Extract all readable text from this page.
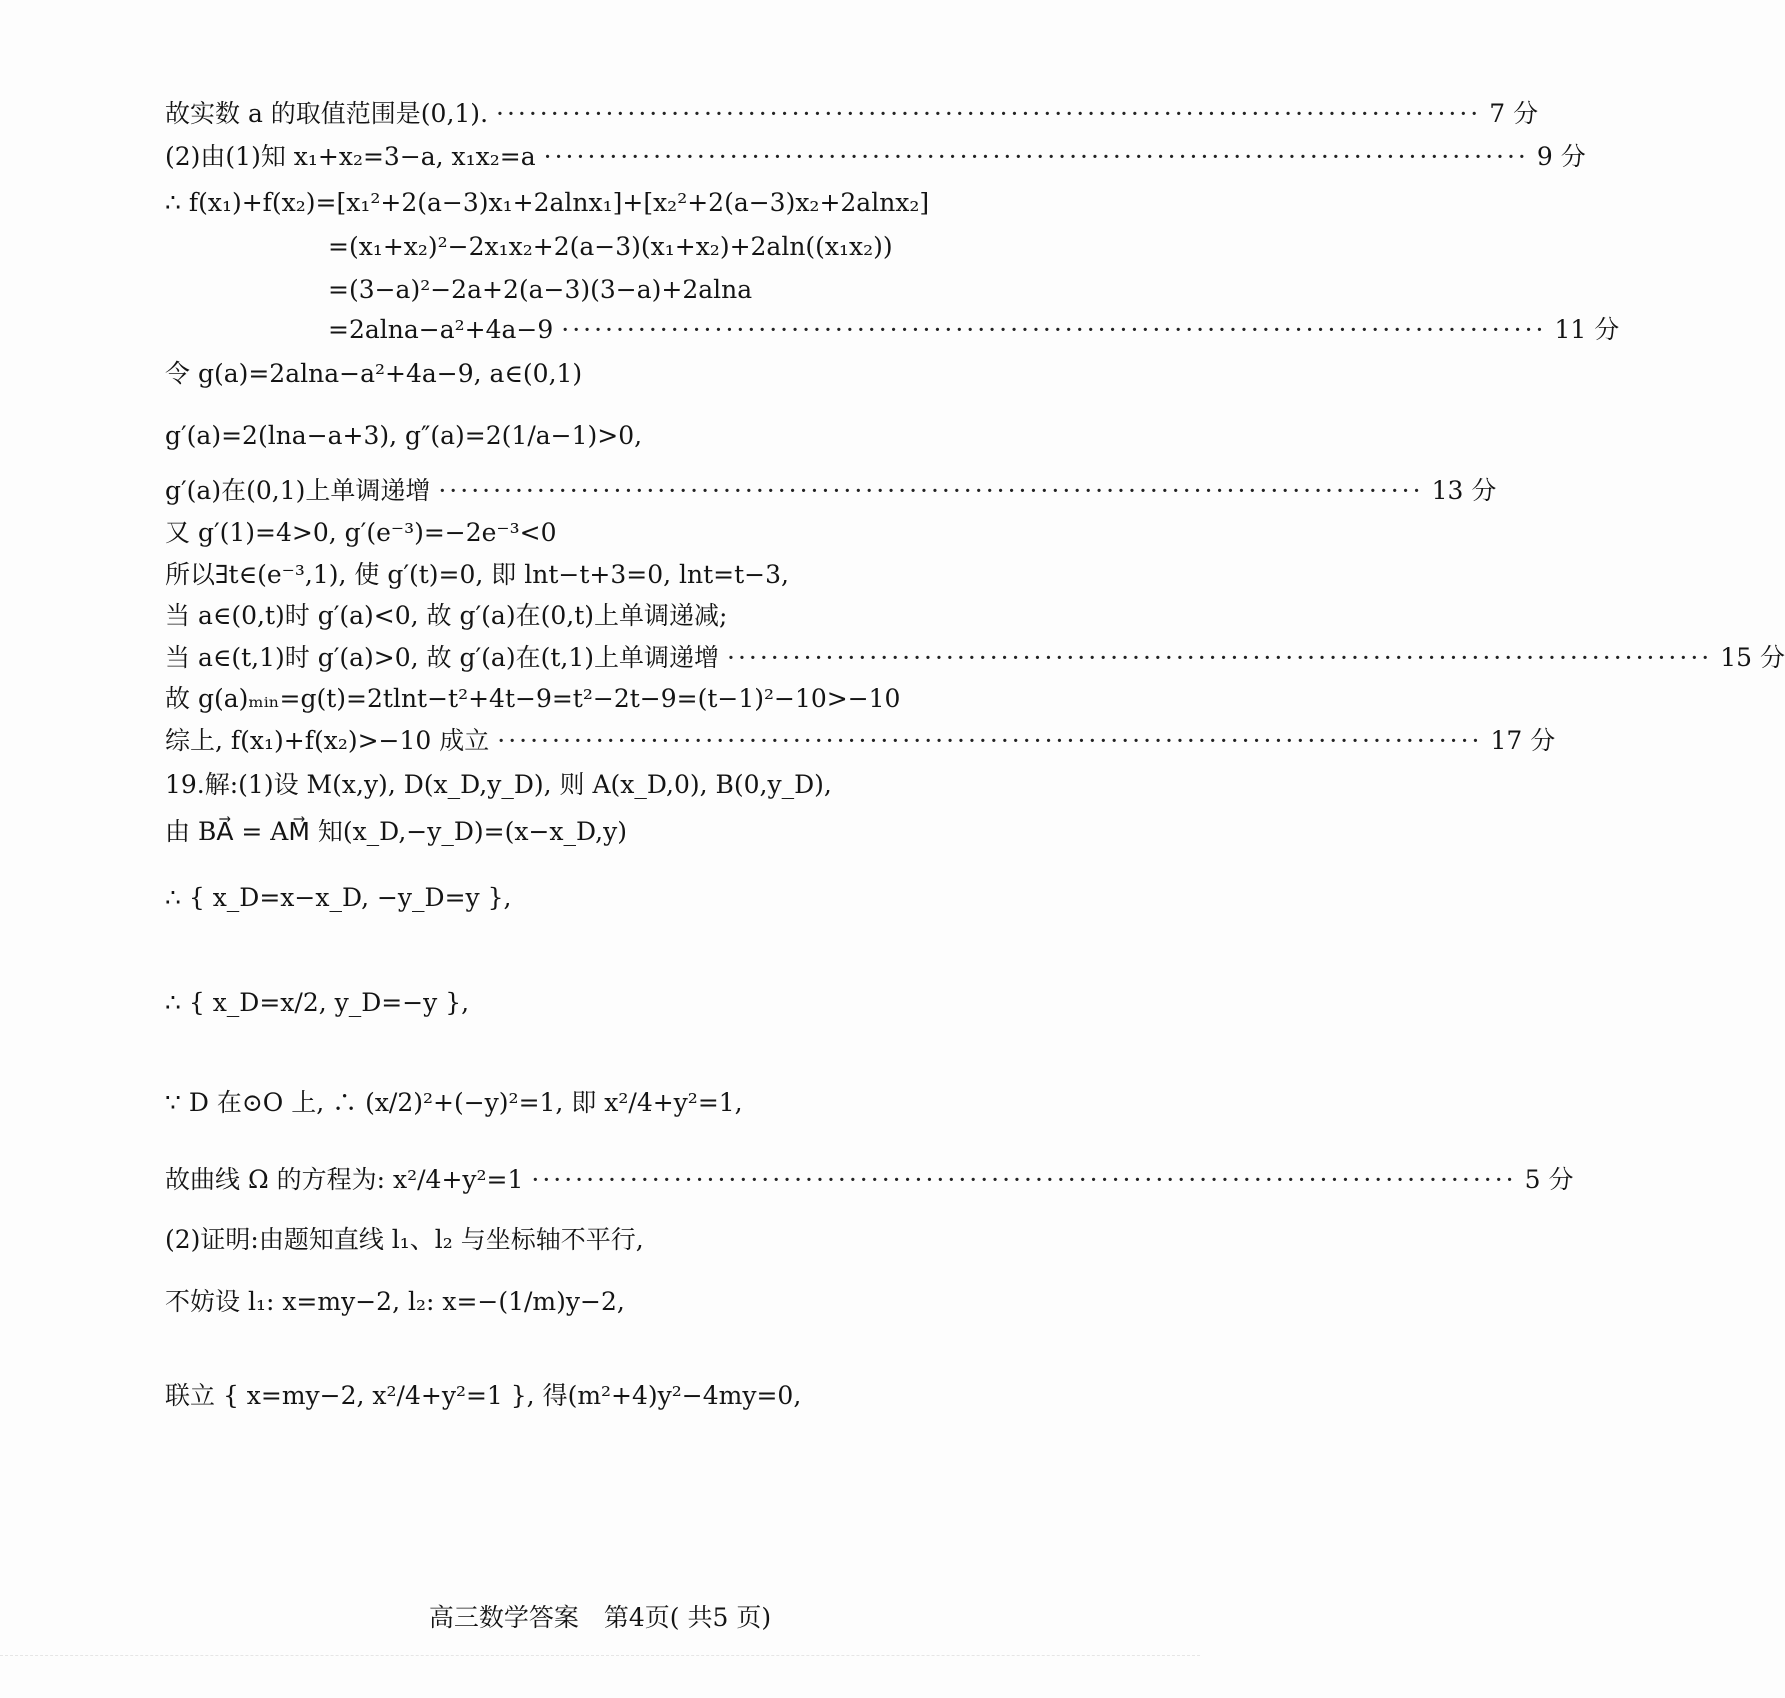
故实数 a 的取值范围是(0,1). ·························································································· 7 分
(2)由(1)知 x₁+x₂=3−a, x₁x₂=a ·························································································· 9 分
∴ f(x₁)+f(x₂)=[x₁²+2(a−3)x₁+2alnx₁]+[x₂²+2(a−3)x₂+2alnx₂]
=(x₁+x₂)²−2x₁x₂+2(a−3)(x₁+x₂)+2aln((x₁x₂))
=(3−a)²−2a+2(a−3)(3−a)+2alna
=2alna−a²+4a−9 ·························································································· 11 分
令 g(a)=2alna−a²+4a−9, a∈(0,1)
g′(a)=2(lna−a+3), g″(a)=2(1/a−1)>0,
g′(a)在(0,1)上单调递增 ·························································································· 13 分
又 g′(1)=4>0, g′(e⁻³)=−2e⁻³<0
所以∃t∈(e⁻³,1), 使 g′(t)=0, 即 lnt−t+3=0, lnt=t−3,
当 a∈(0,t)时 g′(a)<0, 故 g′(a)在(0,t)上单调递减;
当 a∈(t,1)时 g′(a)>0, 故 g′(a)在(t,1)上单调递增 ·························································································· 15 分
故 g(a)ₘᵢₙ=g(t)=2tlnt−t²+4t−9=t²−2t−9=(t−1)²−10>−10
综上, f(x₁)+f(x₂)>−10 成立 ·························································································· 17 分
19.解:(1)设 M(x,y), D(x_D,y_D), 则 A(x_D,0), B(0,y_D),
由 BA⃗ = AM⃗ 知(x_D,−y_D)=(x−x_D,y)
∴ { x_D=x−x_D, −y_D=y },
∴ { x_D=x/2, y_D=−y },
∵ D 在⊙O 上, ∴ (x/2)²+(−y)²=1, 即 x²/4+y²=1,
故曲线 Ω 的方程为: x²/4+y²=1 ·························································································· 5 分
(2)证明:由题知直线 l₁、l₂ 与坐标轴不平行,
不妨设 l₁: x=my−2, l₂: x=−(1/m)y−2,
联立 { x=my−2, x²/4+y²=1 }, 得(m²+4)y²−4my=0,
高三数学答案　第4页( 共5 页)
